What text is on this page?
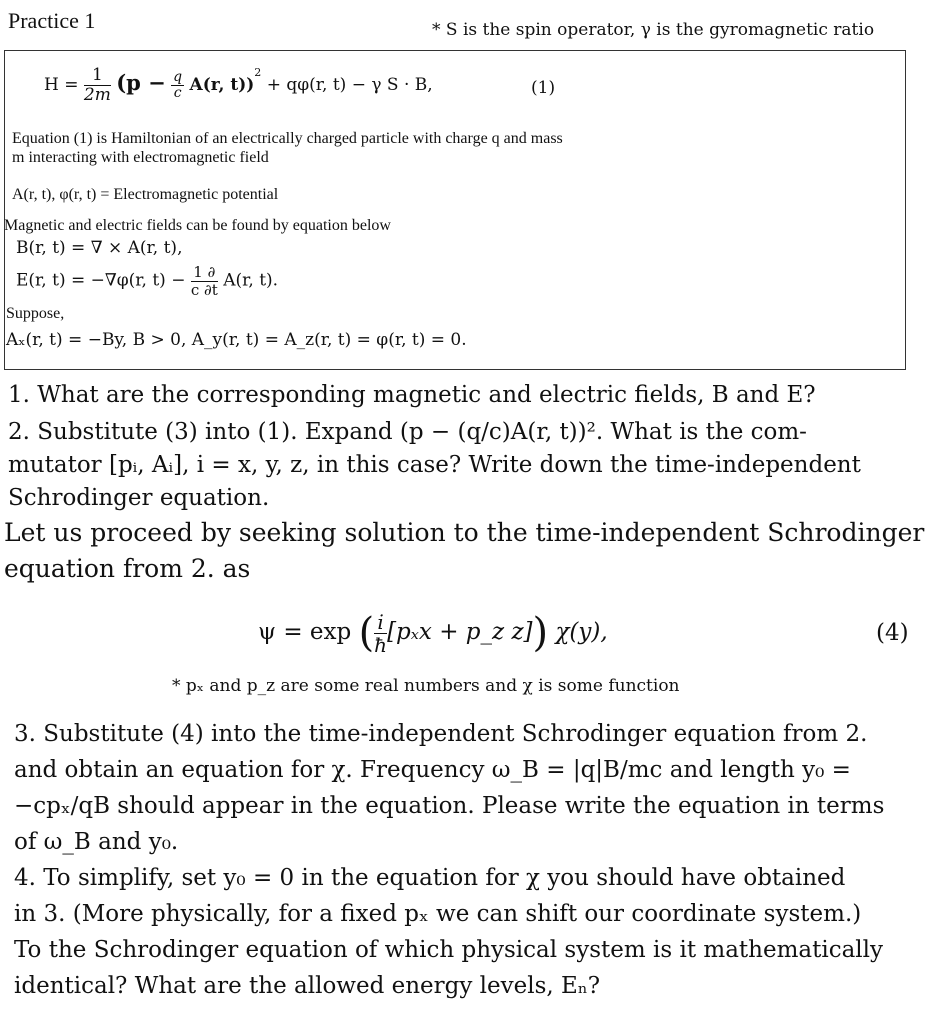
Practice 1	* S is the spin operator, γ is the gyromagnetic ratio
$H = \frac{1}{2m} (p - \frac{q}{c} A(r$, t))$^2$ + qφ(r, t) − γ S · B,	(1)
Equation (1) is Hamiltonian of an electrically charged particle with charge q and mass
m interacting with electromagnetic field
A(r, t), φ(r, t) = Electromagnetic potential
Magnetic and electric fields can be found by equation below
B(r, t) = ∇ × A(r, t),
E(r, t) = −∇φ(r, $t) - \frac{1 \partial}{c \partial t} A(r$, t).
Suppose,
Aₓ(r, t) = −By, B > 0, A_y(r, t) = A_z(r, t) = φ(r, t) = 0.
1. What are the corresponding magnetic and electric fields, B and E?
2. Substitute (3) into (1). Expand (p − (q/c)A(r, t))². What is the com-
mutator [pᵢ, Aᵢ], i = x, y, z, in this case? Write down the time-independent
Schrodinger equation.
Let us proceed by seeking solution to the time-independent Schrodinger
equation from 2. as
ψ = exp ( $\frac{i}{ħ} [p_xx$ + p_z z]) χ(y),	(4)
* pₓ and p_z are some real numbers and χ is some function
3. Substitute (4) into the time-independent Schrodinger equation from 2.
and obtain an equation for χ. Frequency ω_B = |q|B/mc and length y₀ =
−cpₓ/qB should appear in the equation. Please write the equation in terms
of ω_B and y₀.
4. To simplify, set y₀ = 0 in the equation for χ you should have obtained
in 3. (More physically, for a fixed pₓ we can shift our coordinate system.)
To the Schrodinger equation of which physical system is it mathematically
identical? What are the allowed energy levels, Eₙ?
